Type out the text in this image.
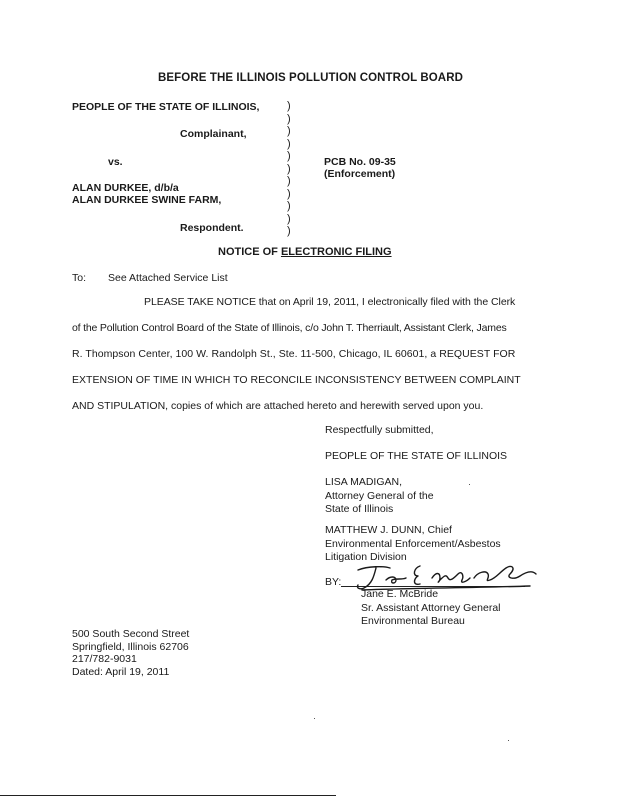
BEFORE THE ILLINOIS POLLUTION CONTROL BOARD
PEOPLE OF THE STATE OF ILLINOIS,
Complainant,
vs.
ALAN DURKEE, d/b/a
ALAN DURKEE SWINE FARM,
Respondent.
)
)
)
)
)
)
)
)
)
)
)
PCB No. 09-35
(Enforcement)
NOTICE OF ELECTRONIC FILING
To: See Attached Service List
PLEASE TAKE NOTICE that on April 19, 2011, I electronically filed with the Clerk
of the Pollution Control Board of the State of Illinois, c/o John T. Therriault, Assistant Clerk, James
R. Thompson Center, 100 W. Randolph St., Ste. 11-500, Chicago, IL 60601, a REQUEST FOR
EXTENSION OF TIME IN WHICH TO RECONCILE INCONSISTENCY BETWEEN COMPLAINT
AND STIPULATION, copies of which are attached hereto and herewith served upon you.
Respectfully submitted,
PEOPLE OF THE STATE OF ILLINOIS
LISA MADIGAN,
Attorney General of the
State of Illinois
MATTHEW J. DUNN, Chief
Environmental Enforcement/Asbestos
Litigation Division
BY:
Jane E. McBride
Sr. Assistant Attorney General
Environmental Bureau
500 South Second Street
Springfield, Illinois 62706
217/782-9031
Dated: April 19, 2011
